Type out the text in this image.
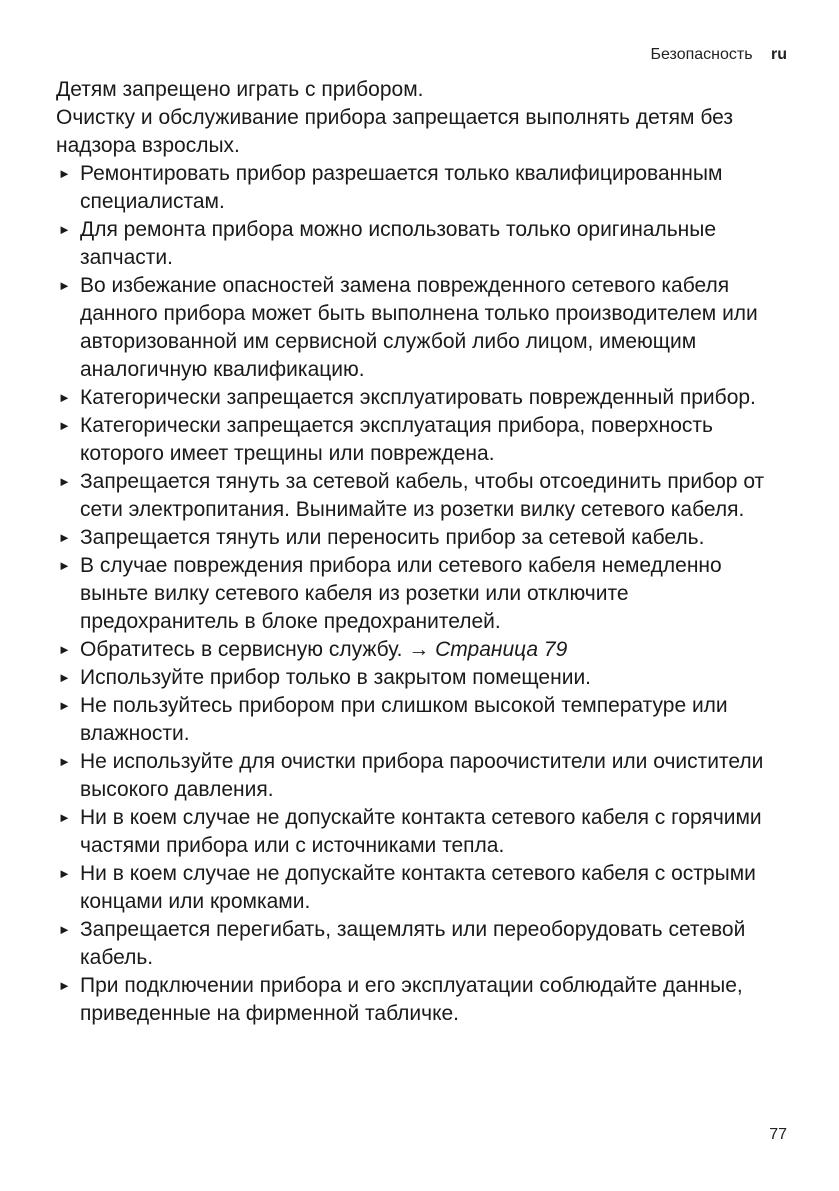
Безопасность ru

Детям запрещено играть с прибором.

Очистку и обслуживание прибора запрещается выполнять детям без надзора взрослых.

► Ремонтировать прибор разрешается только квалифицированным специалистам.
► Для ремонта прибора можно использовать только оригинальные запчасти.
► Во избежание опасностей замена поврежденного сетевого кабеля данного прибора может быть выполнена только производителем или авторизованной им сервисной службой либо лицом, имеющим аналогичную квалификацию.
► Категорически запрещается эксплуатировать поврежденный прибор.
► Категорически запрещается эксплуатация прибора, поверхность которого имеет трещины или повреждена.
► Запрещается тянуть за сетевой кабель, чтобы отсоединить прибор от сети электропитания. Вынимайте из розетки вилку сетевого кабеля.
► Запрещается тянуть или переносить прибор за сетевой кабель.
► В случае повреждения прибора или сетевого кабеля немедленно выньте вилку сетевого кабеля из розетки или отключите предохранитель в блоке предохранителей.
► Обратитесь в сервисную службу. → Страница 79
► Используйте прибор только в закрытом помещении.
► Не пользуйтесь прибором при слишком высокой температуре или влажности.
► Не используйте для очистки прибора пароочистители или очистители высокого давления.
► Ни в коем случае не допускайте контакта сетевого кабеля с горячими частями прибора или с источниками тепла.
► Ни в коем случае не допускайте контакта сетевого кабеля с острыми концами или кромками.
► Запрещается перегибать, защемлять или переоборудовать сетевой кабель.
► При подключении прибора и его эксплуатации соблюдайте данные, приведенные на фирменной табличке.
77
